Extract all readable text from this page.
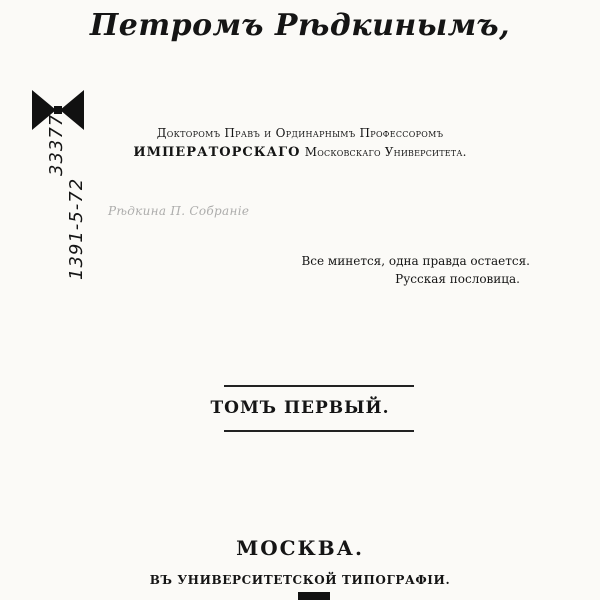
Петромъ Рѣдкинымъ,
33377
1391-5-72
Докторомъ Правъ и Ординарнымъ Профессоромъ
ИМПЕРАТОРСКАГО Московскаго Университета.
Рѣдкина П. Собраніе
Все минется, одна правда остается.
Русская пословица.
ТОМЪ ПЕРВЫЙ.
МОСКВА.
ВЪ УНИВЕРСИТЕТСКОЙ ТИПОГРАФІИ.
